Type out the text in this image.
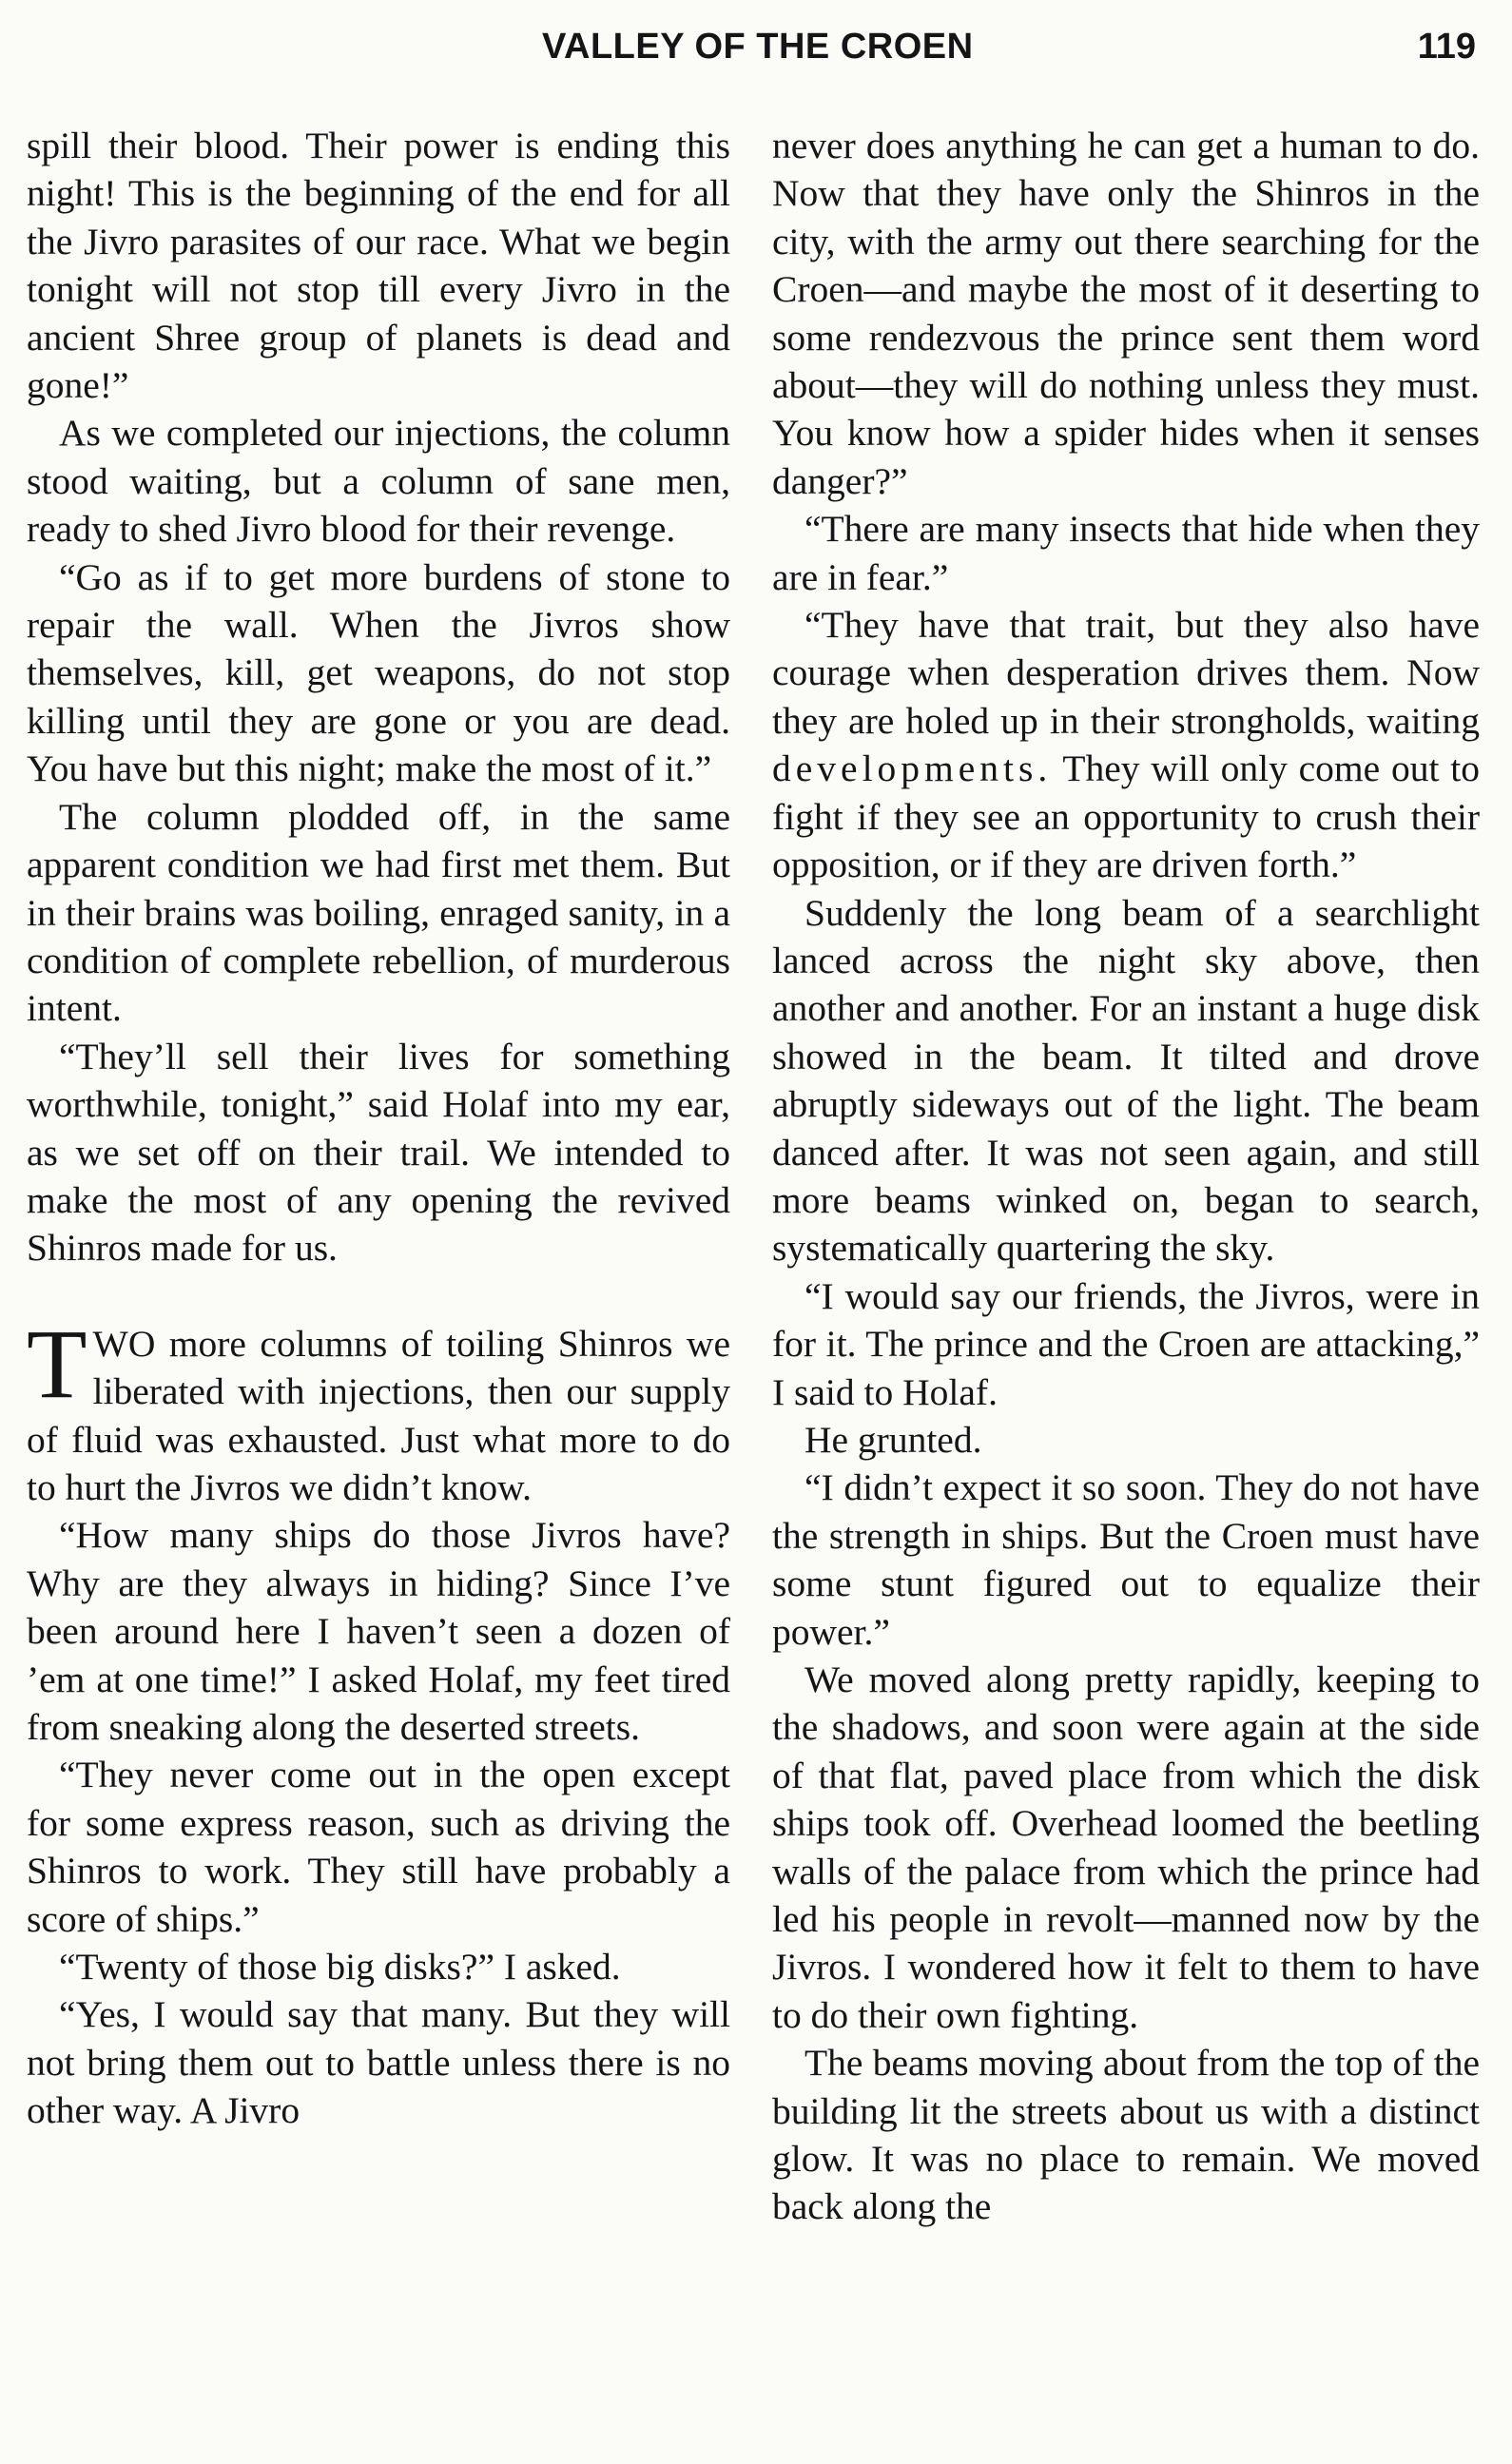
VALLEY OF THE CROEN	119

spill their blood. Their power is ending this night! This is the beginning of the end for all the Jivro parasites of our race. What we begin tonight will not stop till every Jivro in the ancient Shree group of planets is dead and gone!”

As we completed our injections, the column stood waiting, but a column of sane men, ready to shed Jivro blood for their revenge.

“Go as if to get more burdens of stone to repair the wall. When the Jivros show themselves, kill, get weapons, do not stop killing until they are gone or you are dead. You have but this night; make the most of it.”

The column plodded off, in the same apparent condition we had first met them. But in their brains was boiling, enraged sanity, in a condition of complete rebellion, of murderous intent.

“They’ll sell their lives for something worthwhile, tonight,” said Holaf into my ear, as we set off on their trail. We intended to make the most of any opening the revived Shinros made for us.

TWO more columns of toiling Shinros we liberated with injections, then our supply of fluid was exhausted. Just what more to do to hurt the Jivros we didn’t know.

“How many ships do those Jivros have? Why are they always in hiding? Since I’ve been around here I haven’t seen a dozen of ’em at one time!” I asked Holaf, my feet tired from sneaking along the deserted streets.

“They never come out in the open except for some express reason, such as driving the Shinros to work. They still have probably a score of ships.”

“Twenty of those big disks?” I asked.

“Yes, I would say that many. But they will not bring them out to battle unless there is no other way. A Jivro

never does anything he can get a human to do. Now that they have only the Shinros in the city, with the army out there searching for the Croen—and maybe the most of it deserting to some rendezvous the prince sent them word about—they will do nothing unless they must. You know how a spider hides when it senses danger?”

“There are many insects that hide when they are in fear.”

“They have that trait, but they also have courage when desperation drives them. Now they are holed up in their strongholds, waiting developments. They will only come out to fight if they see an opportunity to crush their opposition, or if they are driven forth.”

Suddenly the long beam of a searchlight lanced across the night sky above, then another and another. For an instant a huge disk showed in the beam. It tilted and drove abruptly sideways out of the light. The beam danced after. It was not seen again, and still more beams winked on, began to search, systematically quartering the sky.

“I would say our friends, the Jivros, were in for it. The prince and the Croen are attacking,” I said to Holaf.

He grunted.

“I didn’t expect it so soon. They do not have the strength in ships. But the Croen must have some stunt figured out to equalize their power.”

We moved along pretty rapidly, keeping to the shadows, and soon were again at the side of that flat, paved place from which the disk ships took off. Overhead loomed the beetling walls of the palace from which the prince had led his people in revolt—manned now by the Jivros. I wondered how it felt to them to have to do their own fighting.

The beams moving about from the top of the building lit the streets about us with a distinct glow. It was no place to remain. We moved back along the
